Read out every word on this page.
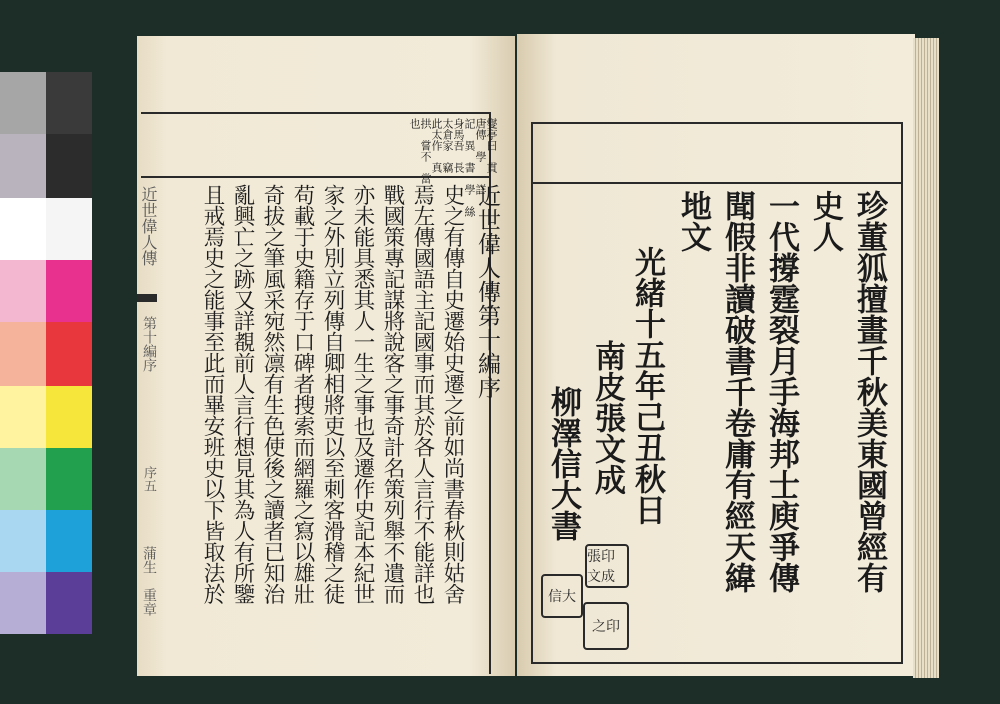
燮亭曰　貫
唐傳　學　　詳
記　異　書　學　絲
身馬吾　長
太倉家　竊
此太作　真
拱　嘗不　當
也
近世偉人傳第十編序
史之有傳自史遷始史遷之前如尚書春秋則姑舍
焉左傳國語主記國事而其於各人言行不能詳也
戰國策專記謀將說客之事奇計名策列舉不遺而
亦未能具悉其人一生之事也及遷作史記本紀世
家之外別立列傳自卿相將吏以至刺客滑稽之徒
苟載于史籍存于口碑者搜索而網羅之寫以雄壯
奇拔之筆風采宛然凛有生色使後之讀者已知治
亂興亡之跡又詳覩前人言行想見其為人有所鑒
且戒焉史之能事至此而畢安班史以下皆取法於
近世偉人傳
第十編序
序五
蒲生　重章	珍董狐擅畫千秋美東國曾經有
史人
一代撐霆裂月手海邦士庾爭傳
聞假非讀破書千卷庸有經天緯
地文
光緒十五年己丑秋日
南皮張文成
柳澤信大書
張印文成
信大
之印
